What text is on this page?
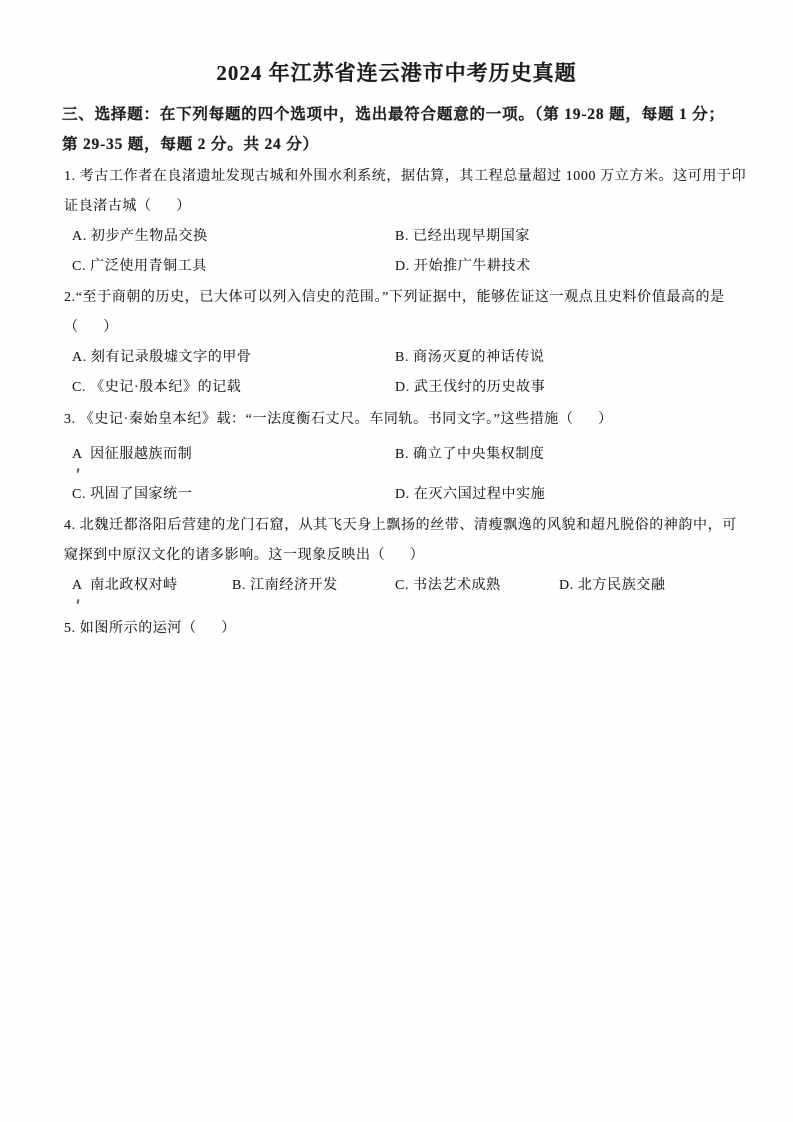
2024 年江苏省连云港市中考历史真题
三、选择题：在下列每题的四个选项中，选出最符合题意的一项。（第 19-28 题，每题 1 分；
第 29-35 题，每题 2 分。共 24 分）
1. 考古工作者在良渚遗址发现古城和外围水利系统，据估算，其工程总量超过 1000 万立方米。这可用于印
证良渚古城（      ）
A. 初步产生物品交换	B. 已经出现早期国家
C. 广泛使用青铜工具	D. 开始推广牛耕技术
2.“至于商朝的历史，已大体可以列入信史的范围。”下列证据中，能够佐证这一观点且史料价值最高的是
（      ）
A. 刻有记录殷墟文字的甲骨	B. 商汤灭夏的神话传说
C. 《史记·殷本纪》的记载	D. 武王伐纣的历史故事
3. 《史记·秦始皇本纪》载：“一法度衡石丈尺。车同轨。书同文字。”这些措施（      ）
A  因征服越族而制	B. 确立了中央集权制度
C. 巩固了国家统一	D. 在灭六国过程中实施
4. 北魏迁都洛阳后营建的龙门石窟，从其飞天身上飘扬的丝带、清瘦飘逸的风貌和超凡脱俗的神韵中，可
窥探到中原汉文化的诸多影响。这一现象反映出（      ）
A  南北政权对峙	B. 江南经济开发	C. 书法艺术成熟	D. 北方民族交融
5. 如图所示的运河（      ）
